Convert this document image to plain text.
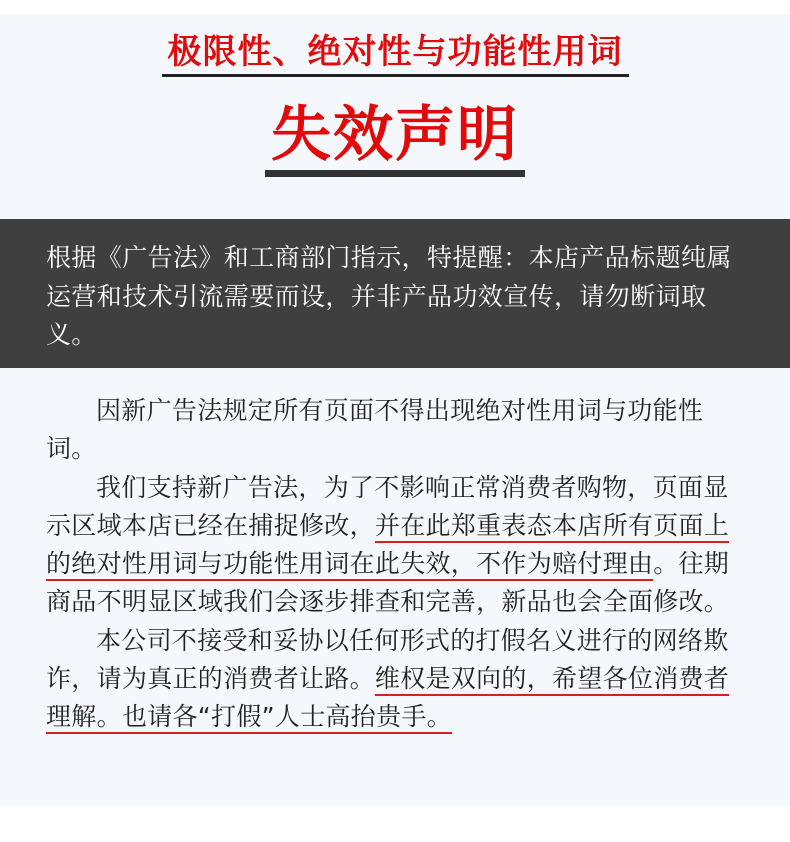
极限性、绝对性与功能性用词
失效声明

根据《广告法》和工商部门指示，特提醒：本店产品标题纯属运营和技术引流需要而设，并非产品功效宣传，请勿断词取义。

因新广告法规定所有页面不得出现绝对性用词与功能性词。

我们支持新广告法，为了不影响正常消费者购物，页面显示区域本店已经在捕捉修改，并在此郑重表态本店所有页面上的绝对性用词与功能性用词在此失效，不作为赔付理由。往期商品不明显区域我们会逐步排查和完善，新品也会全面修改。

本公司不接受和妥协以任何形式的打假名义进行的网络欺诈，请为真正的消费者让路。维权是双向的，希望各位消费者理解。也请各“打假”人士高抬贵手。
